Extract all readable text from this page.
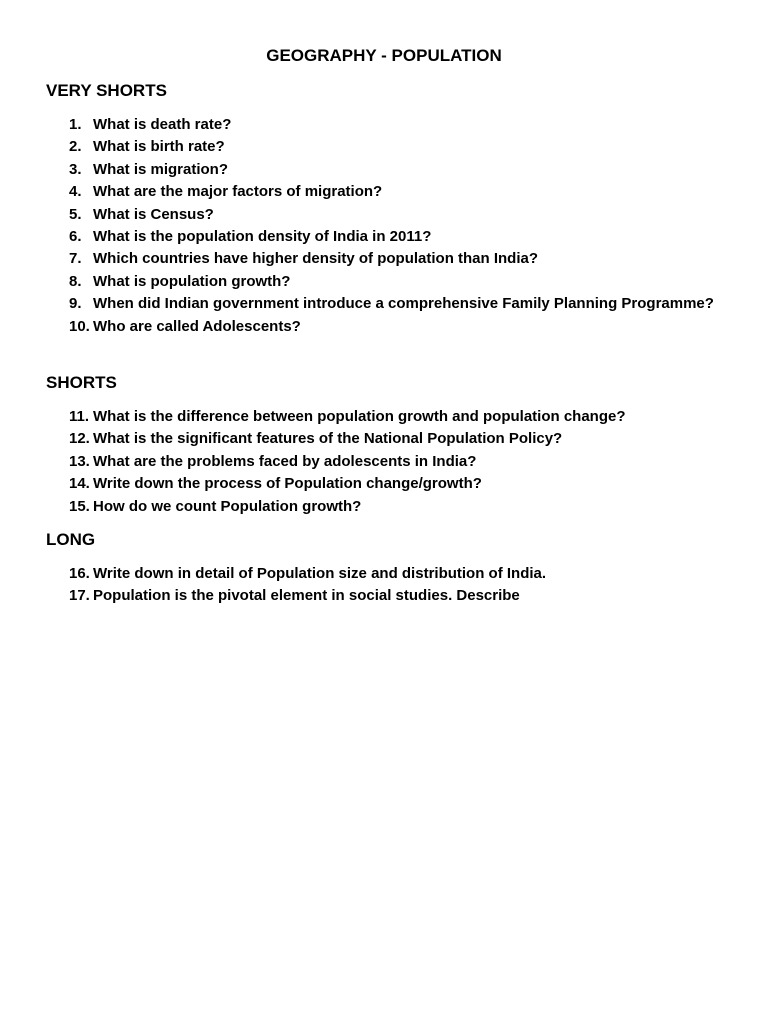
GEOGRAPHY - POPULATION
VERY SHORTS
1. What is death rate?
2. What is birth rate?
3. What is migration?
4. What are the major factors of migration?
5. What is Census?
6. What is the population density of India in 2011?
7. Which countries have higher density of population than India?
8. What is population growth?
9. When did Indian government introduce a comprehensive Family Planning Programme?
10. Who are called Adolescents?
SHORTS
11. What is the difference between population growth and population change?
12. What is the significant features of the National Population Policy?
13. What are the problems faced by adolescents in India?
14. Write down the process of Population change/growth?
15. How do we count Population growth?
LONG
16. Write down in detail of Population size and distribution of India.
17. Population is the pivotal element in social studies. Describe
